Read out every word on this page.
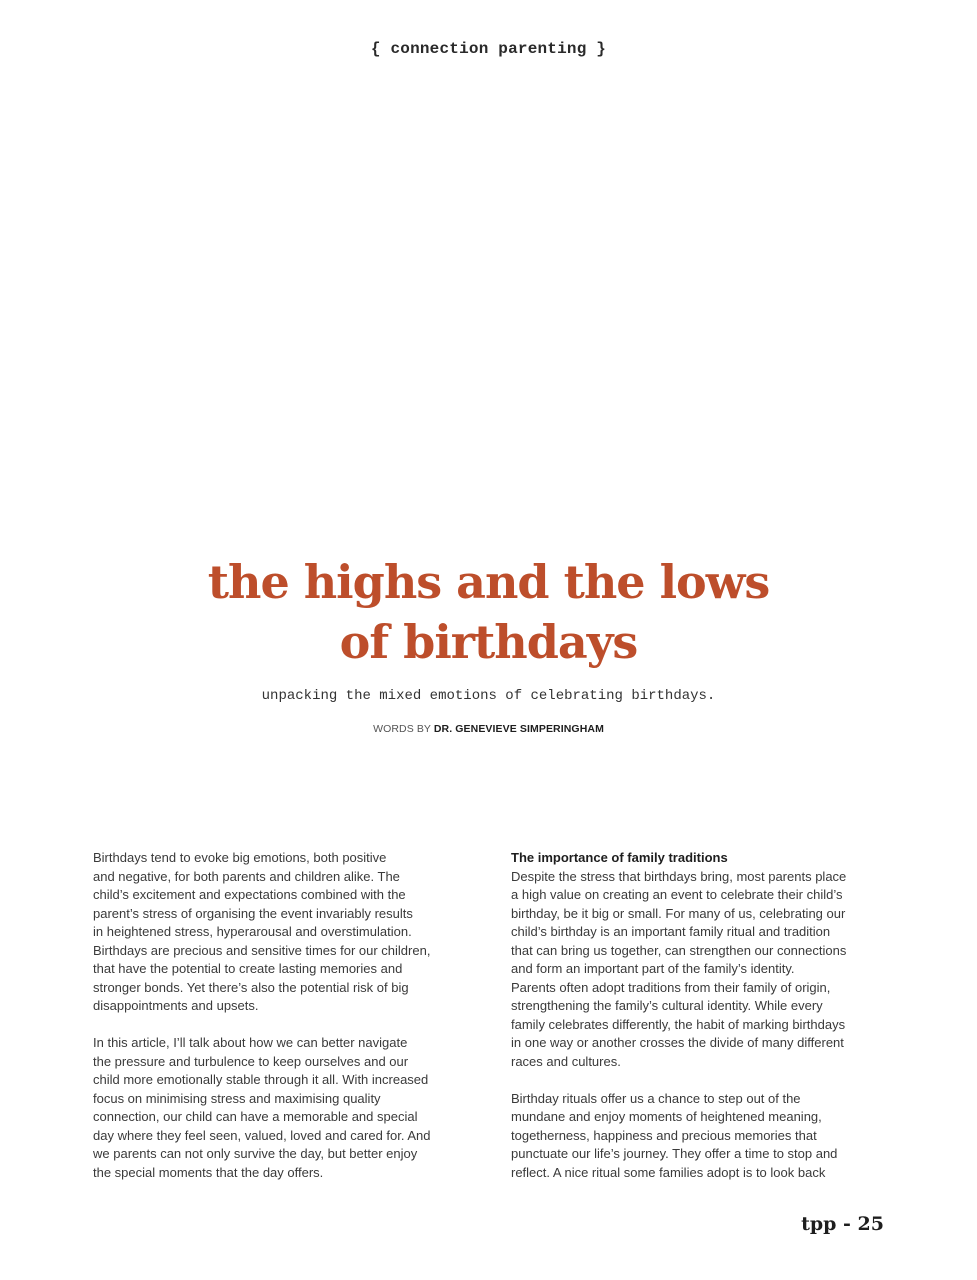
{ connection parenting }
the highs and the lows
of birthdays
unpacking the mixed emotions of celebrating birthdays.
WORDS BY DR. GENEVIEVE SIMPERINGHAM

Birthdays tend to evoke big emotions, both positive
and negative, for both parents and children alike. The
child’s excitement and expectations combined with the
parent’s stress of organising the event invariably results
in heightened stress, hyperarousal and overstimulation.
Birthdays are precious and sensitive times for our children,
that have the potential to create lasting memories and
stronger bonds. Yet there’s also the potential risk of big
disappointments and upsets.

In this article, I’ll talk about how we can better navigate
the pressure and turbulence to keep ourselves and our
child more emotionally stable through it all. With increased
focus on minimising stress and maximising quality
connection, our child can have a memorable and special
day where they feel seen, valued, loved and cared for. And
we parents can not only survive the day, but better enjoy
the special moments that the day offers.

The importance of family traditions

Despite the stress that birthdays bring, most parents place
a high value on creating an event to celebrate their child’s
birthday, be it big or small. For many of us, celebrating our
child’s birthday is an important family ritual and tradition
that can bring us together, can strengthen our connections
and form an important part of the family’s identity.
Parents often adopt traditions from their family of origin,
strengthening the family’s cultural identity. While every
family celebrates differently, the habit of marking birthdays
in one way or another crosses the divide of many different
races and cultures.

Birthday rituals offer us a chance to step out of the
mundane and enjoy moments of heightened meaning,
togetherness, happiness and precious memories that
punctuate our life’s journey. They offer a time to stop and
reflect. A nice ritual some families adopt is to look back

tpp - 25
